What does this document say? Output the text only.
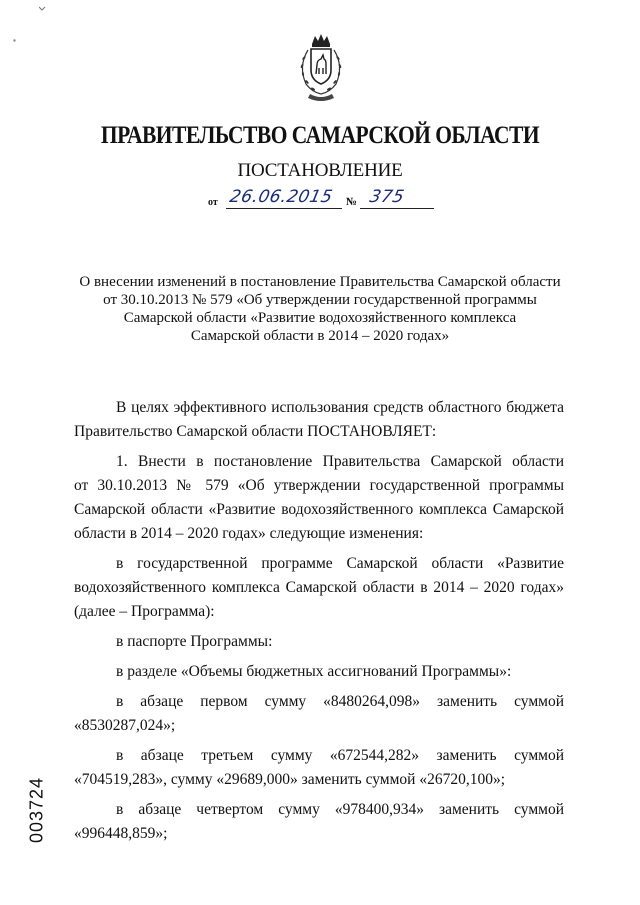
ПРАВИТЕЛЬСТВО САМАРСКОЙ ОБЛАСТИ
ПОСТАНОВЛЕНИЕ
от 26.06.2015 № 375
О внесении изменений в постановление Правительства Самарской области
от 30.10.2013 № 579 «Об утверждении государственной программы
Самарской области «Развитие водохозяйственного комплекса
Самарской области в 2014 – 2020 годах»

В целях эффективного использования средств областного бюджета

Правительство Самарской области ПОСТАНОВЛЯЕТ:

1. Внести в постановление Правительства Самарской области

от 30.10.2013 № 579 «Об утверждении государственной программы

Самарской области «Развитие водохозяйственного комплекса Самарской

области в 2014 – 2020 годах» следующие изменения:

в государственной программе Самарской области «Развитие

водохозяйственного комплекса Самарской области в 2014 – 2020 годах»

(далее – Программа):

в паспорте Программы:

в разделе «Объемы бюджетных ассигнований Программы»:

в абзаце первом сумму «8480264,098» заменить суммой

«8530287,024»;

в абзаце третьем сумму «672544,282» заменить суммой

«704519,283», сумму «29689,000» заменить суммой «26720,100»;

в абзаце четвертом сумму «978400,934» заменить суммой

«996448,859»;

003724
